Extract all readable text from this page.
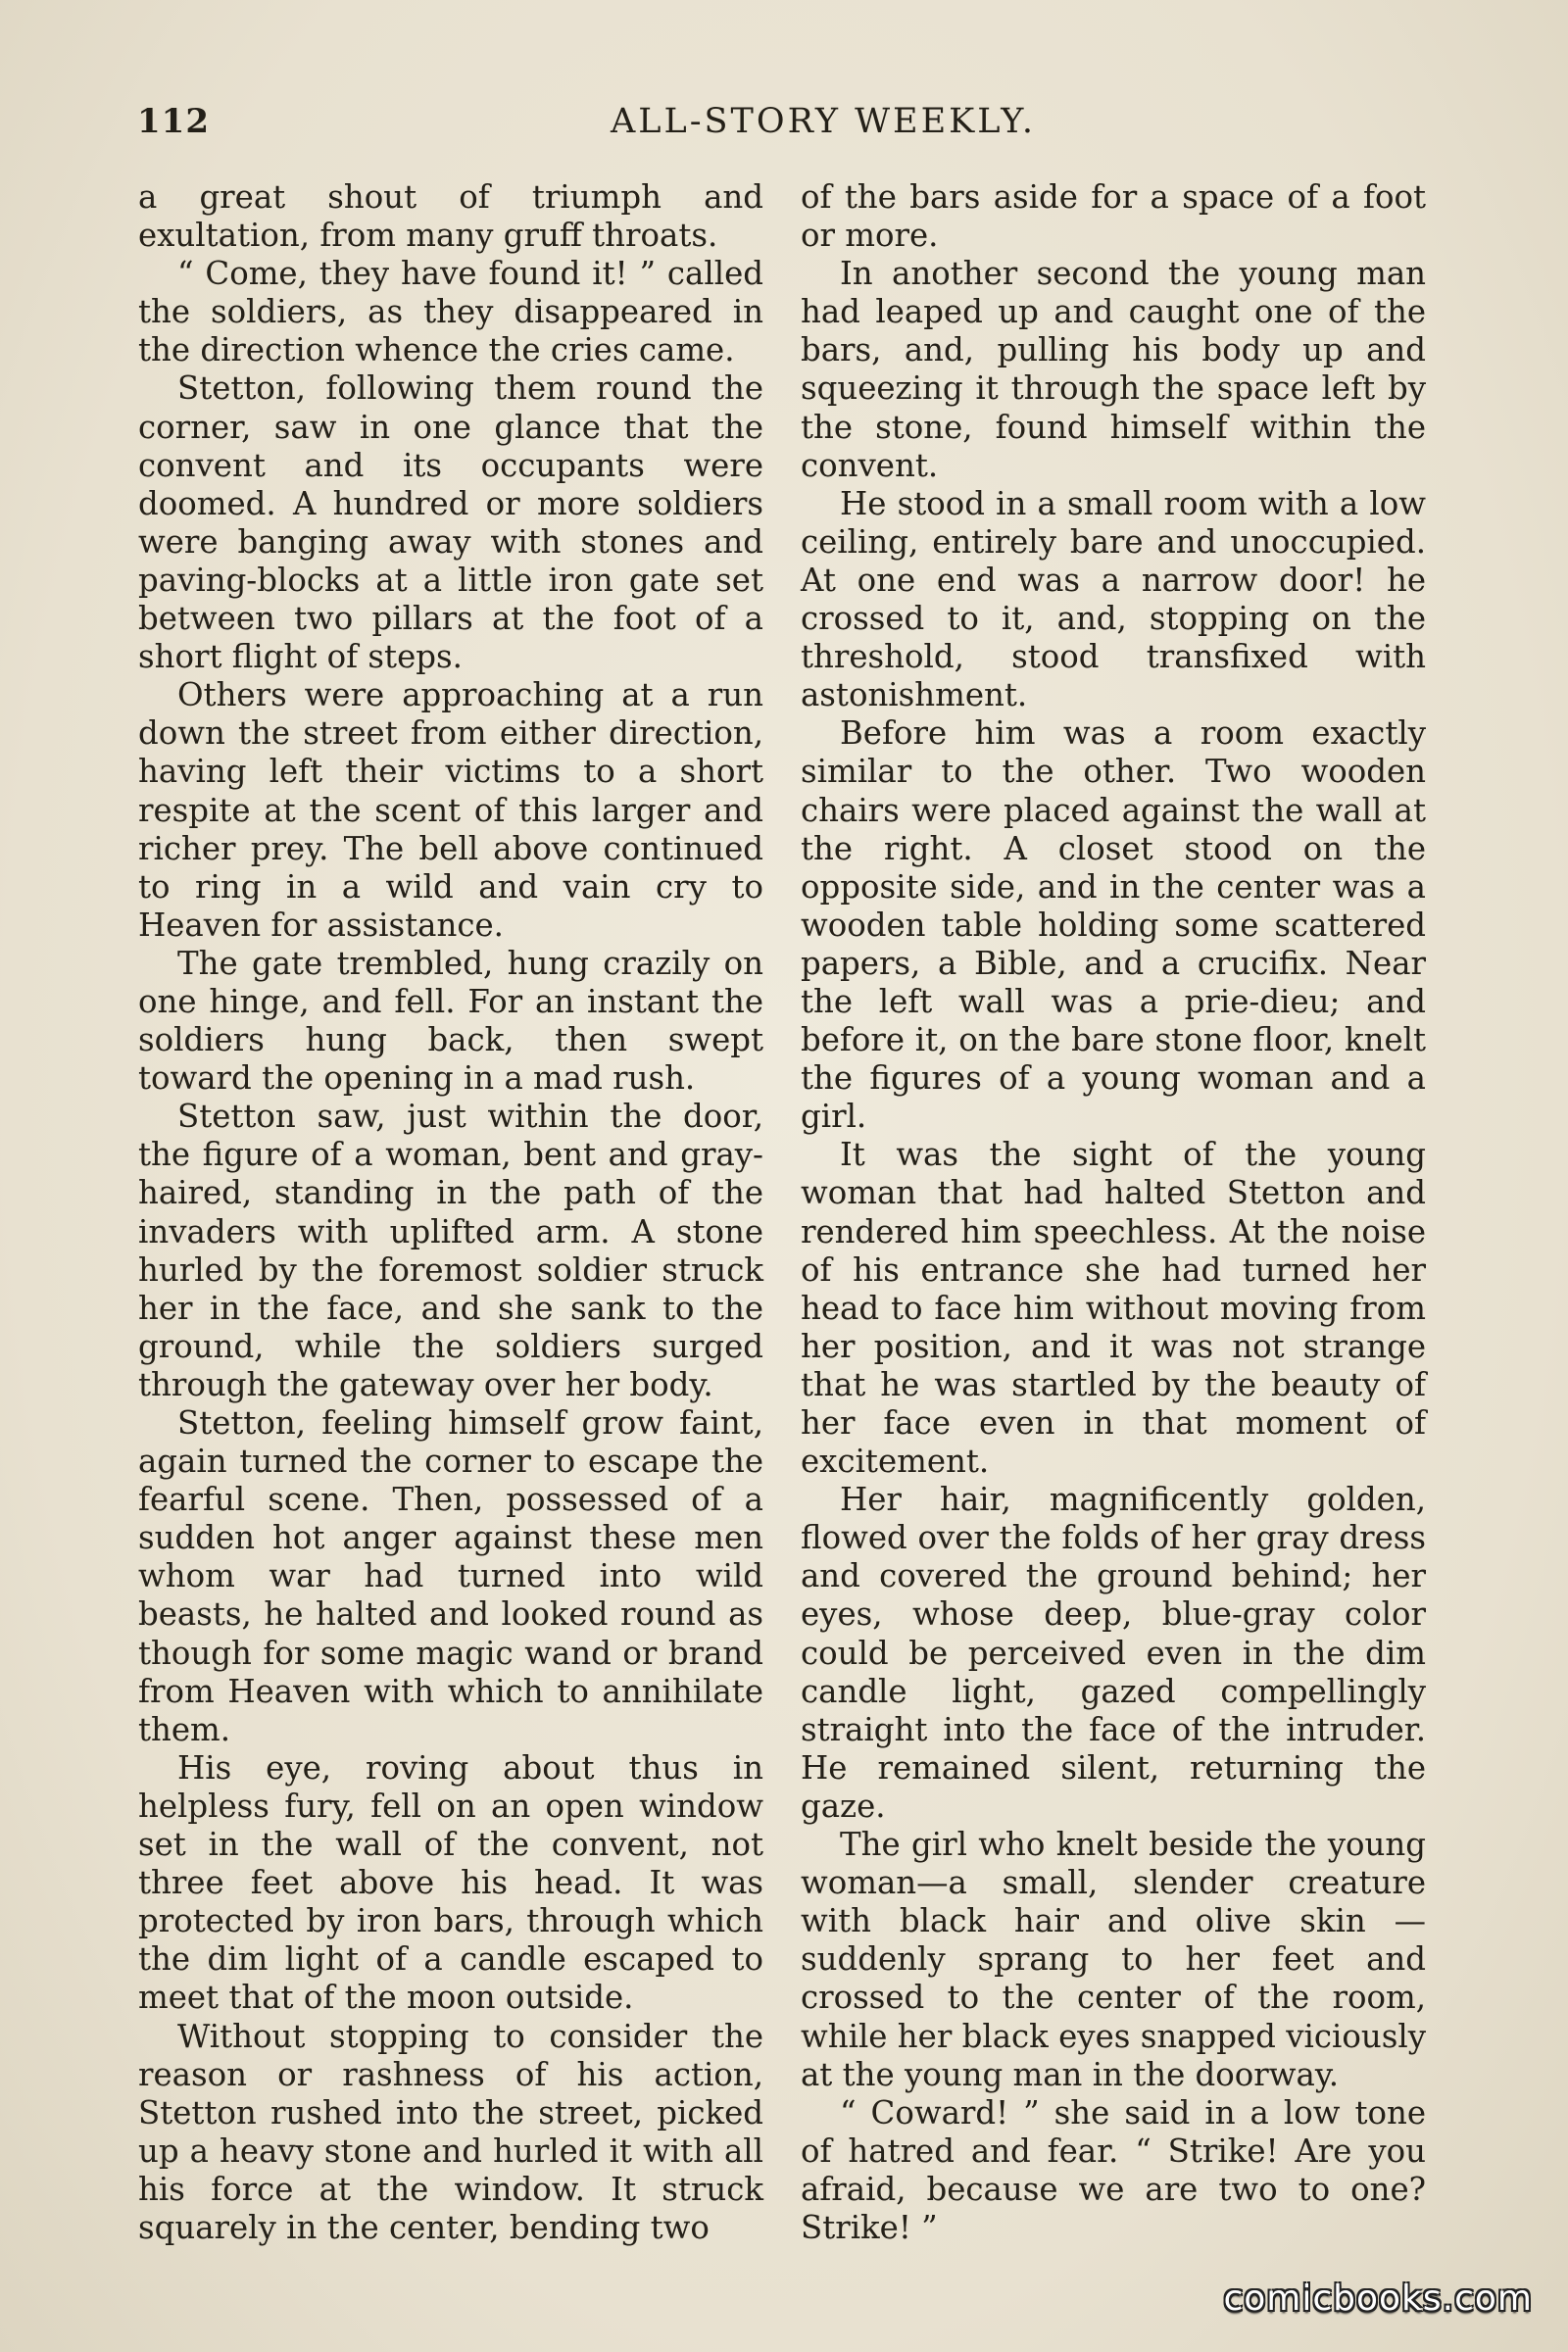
112	ALL-STORY WEEKLY.

a great shout of triumph and exultation, from many gruff throats.

“ Come, they have found it! ” called the soldiers, as they disappeared in the direction whence the cries came.

Stetton, following them round the corner, saw in one glance that the convent and its occupants were doomed. A hundred or more soldiers were banging away with stones and paving-blocks at a little iron gate set between two pillars at the foot of a short flight of steps.

Others were approaching at a run down the street from either direction, having left their victims to a short respite at the scent of this larger and richer prey. The bell above continued to ring in a wild and vain cry to Heaven for assistance.

The gate trembled, hung crazily on one hinge, and fell. For an instant the soldiers hung back, then swept toward the opening in a mad rush.

Stetton saw, just within the door, the figure of a woman, bent and gray-haired, standing in the path of the invaders with uplifted arm. A stone hurled by the foremost soldier struck her in the face, and she sank to the ground, while the soldiers surged through the gateway over her body.

Stetton, feeling himself grow faint, again turned the corner to escape the fearful scene. Then, possessed of a sudden hot anger against these men whom war had turned into wild beasts, he halted and looked round as though for some magic wand or brand from Heaven with which to annihilate them.

His eye, roving about thus in helpless fury, fell on an open window set in the wall of the convent, not three feet above his head. It was protected by iron bars, through which the dim light of a candle escaped to meet that of the moon outside.

Without stopping to consider the reason or rashness of his action, Stetton rushed into the street, picked up a heavy stone and hurled it with all his force at the window. It struck squarely in the center, bending two

of the bars aside for a space of a foot or more.

In another second the young man had leaped up and caught one of the bars, and, pulling his body up and squeezing it through the space left by the stone, found himself within the convent.

He stood in a small room with a low ceiling, entirely bare and unoccupied. At one end was a narrow door! he crossed to it, and, stopping on the threshold, stood transfixed with astonishment.

Before him was a room exactly similar to the other. Two wooden chairs were placed against the wall at the right. A closet stood on the opposite side, and in the center was a wooden table holding some scattered papers, a Bible, and a crucifix. Near the left wall was a prie-dieu; and before it, on the bare stone floor, knelt the figures of a young woman and a girl.

It was the sight of the young woman that had halted Stetton and rendered him speechless. At the noise of his entrance she had turned her head to face him without moving from her position, and it was not strange that he was startled by the beauty of her face even in that moment of excitement.

Her hair, magnificently golden, flowed over the folds of her gray dress and covered the ground behind; her eyes, whose deep, blue-gray color could be perceived even in the dim candle light, gazed compellingly straight into the face of the intruder. He remained silent, returning the gaze.

The girl who knelt beside the young woman—a small, slender creature with black hair and olive skin — suddenly sprang to her feet and crossed to the center of the room, while her black eyes snapped viciously at the young man in the doorway.

“ Coward! ” she said in a low tone of hatred and fear. “ Strike! Are you afraid, because we are two to one? Strike! ”

comicbooks.com
